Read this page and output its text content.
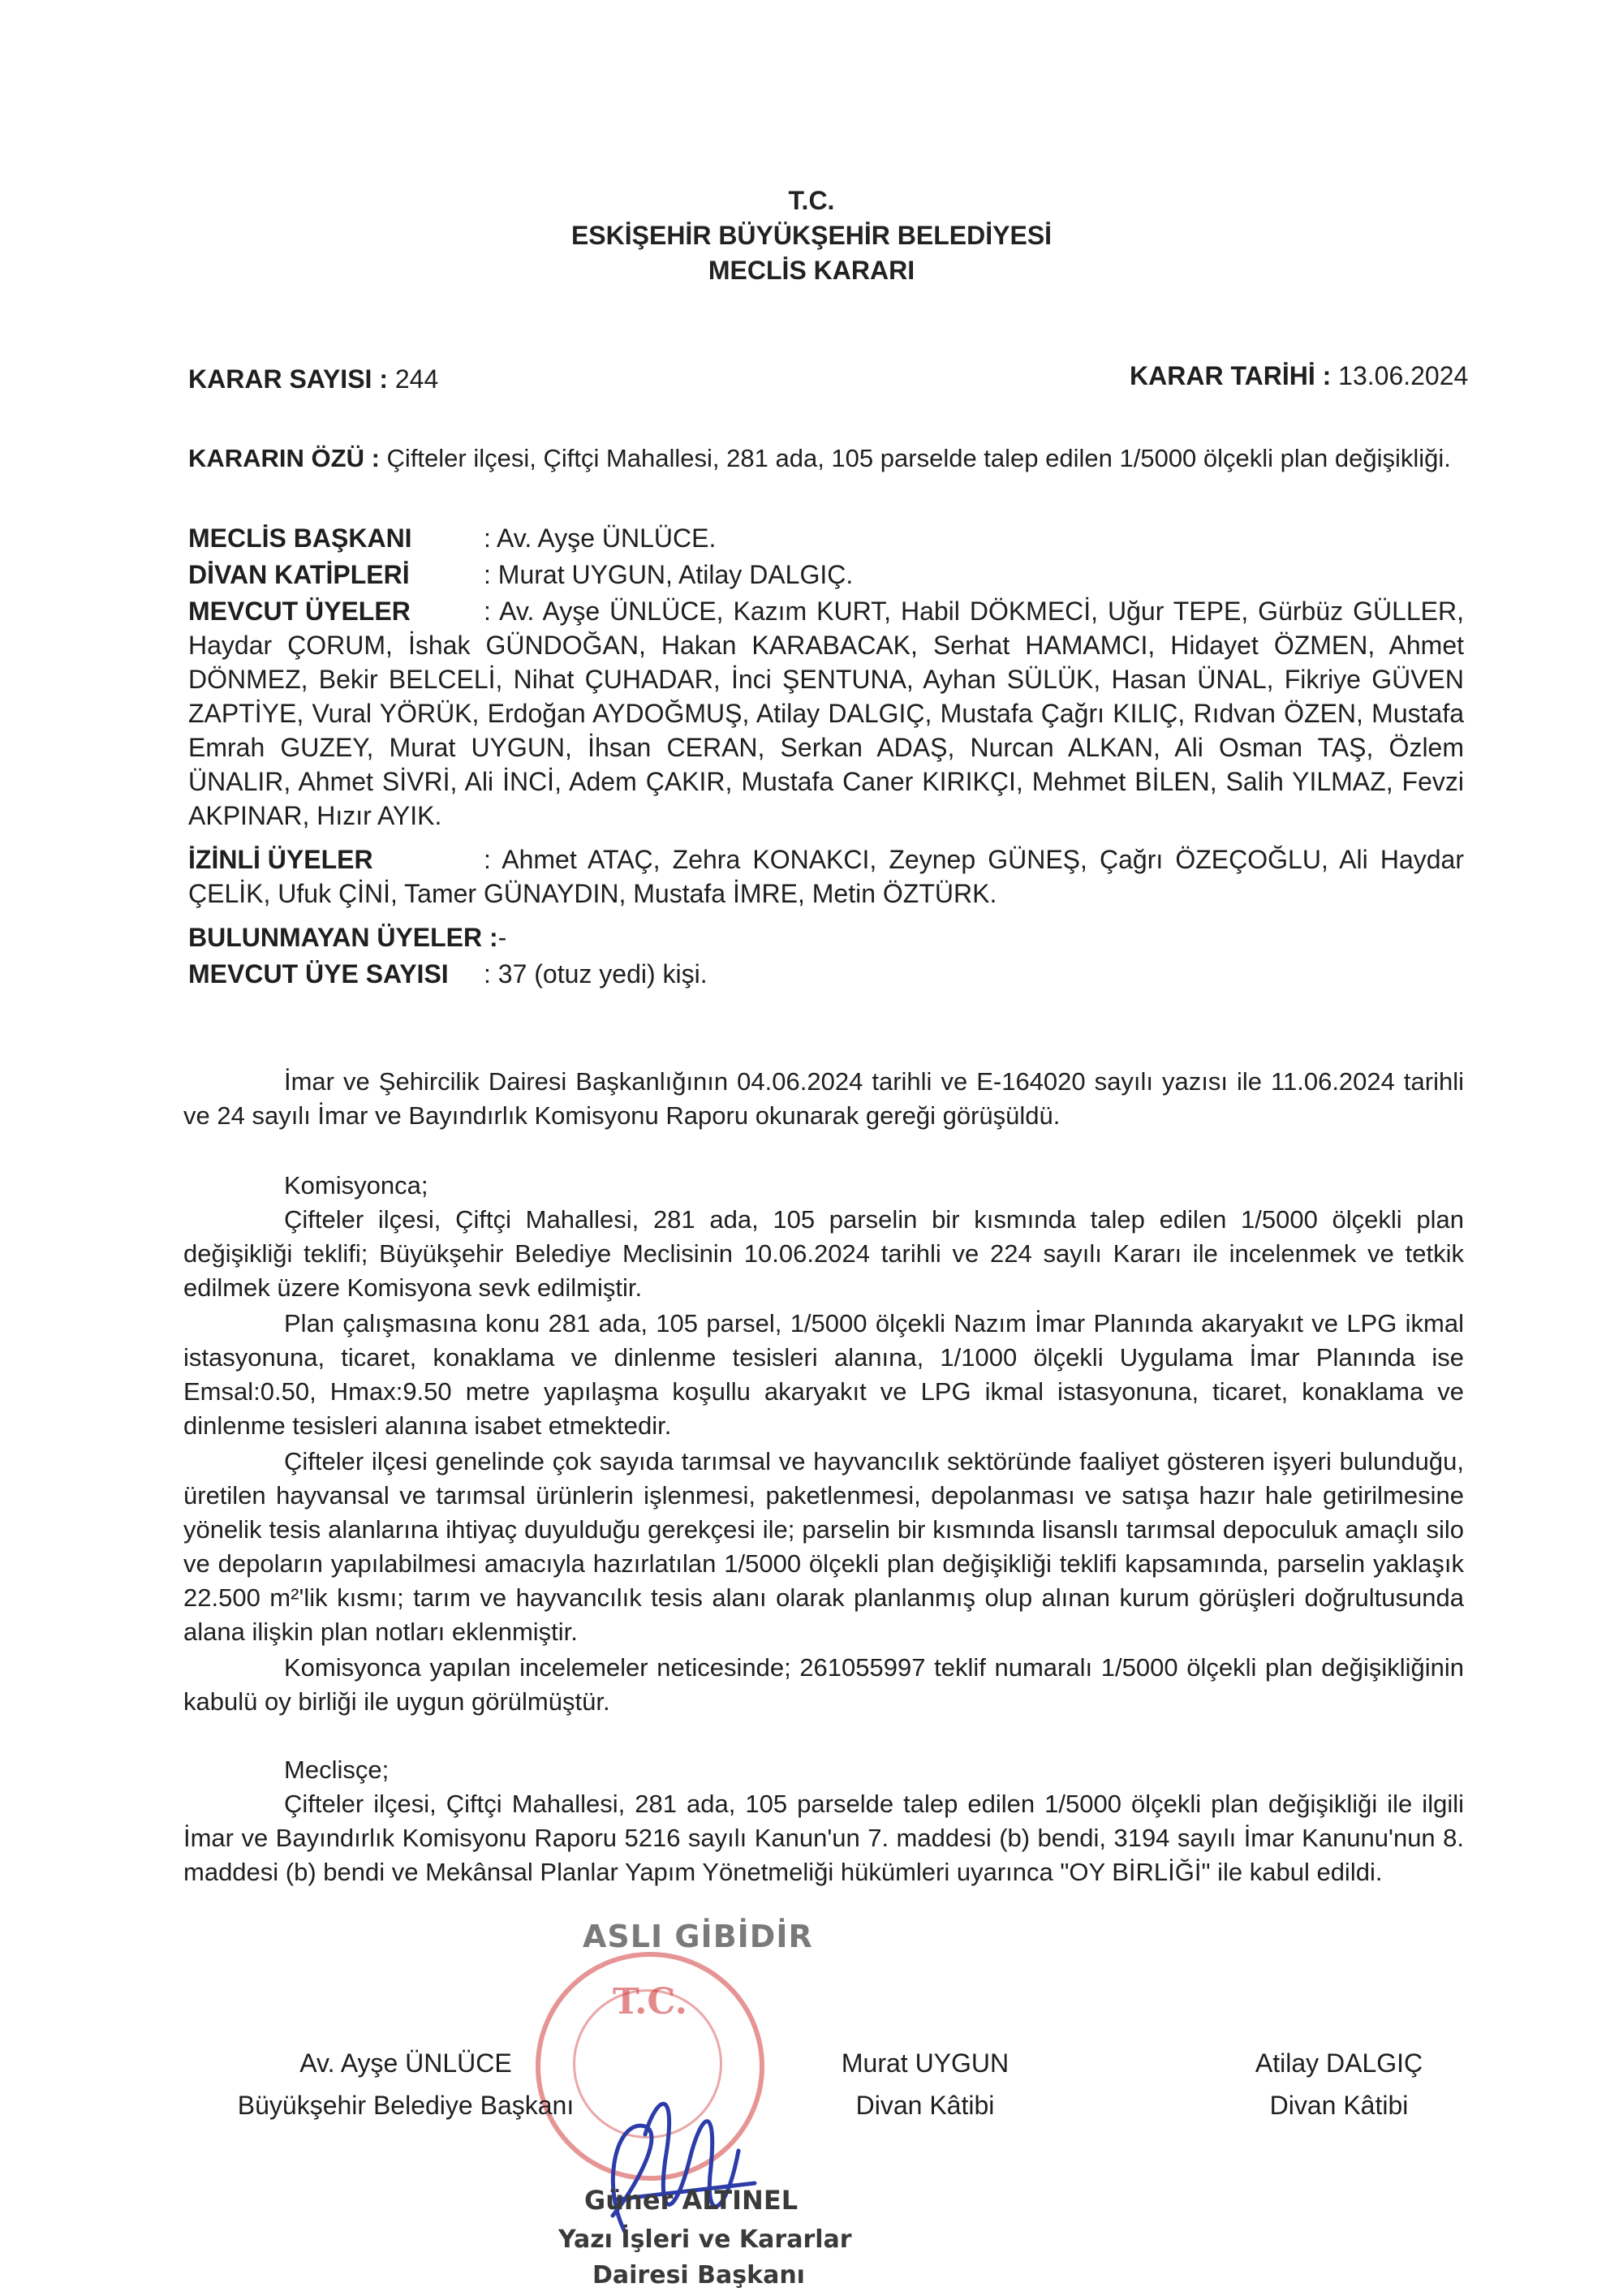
T.C.
ESKİŞEHİR BÜYÜKŞEHİR BELEDİYESİ
MECLİS KARARI
KARAR SAYISI : 244	KARAR TARİHİ : 13.06.2024
KARARIN ÖZÜ : Çifteler ilçesi, Çiftçi Mahallesi, 281 ada, 105 parselde talep edilen 1/5000 ölçekli plan değişikliği.
MECLİS BAŞKANI	: Av. Ayşe ÜNLÜCE.
DİVAN KATİPLERİ	: Murat UYGUN, Atilay DALGIÇ.
MEVCUT ÜYELER	: Av. Ayşe ÜNLÜCE, Kazım KURT, Habil DÖKMECİ, Uğur TEPE, Gürbüz GÜLLER, Haydar ÇORUM, İshak GÜNDOĞAN, Hakan KARABACAK, Serhat HAMAMCI, Hidayet ÖZMEN, Ahmet DÖNMEZ, Bekir BELCELİ, Nihat ÇUHADAR, İnci ŞENTUNA, Ayhan SÜLÜK, Hasan ÜNAL, Fikriye GÜVEN ZAPTİYE, Vural YÖRÜK, Erdoğan AYDOĞMUŞ, Atilay DALGIÇ, Mustafa Çağrı KILIÇ, Rıdvan ÖZEN, Mustafa Emrah GUZEY, Murat UYGUN, İhsan CERAN, Serkan ADAŞ, Nurcan ALKAN, Ali Osman TAŞ, Özlem ÜNALIR, Ahmet SİVRİ, Ali İNCİ, Adem ÇAKIR, Mustafa Caner KIRIKÇI, Mehmet BİLEN, Salih YILMAZ, Fevzi AKPINAR, Hızır AYIK.
İZİNLİ ÜYELER	: Ahmet ATAÇ, Zehra KONAKCI, Zeynep GÜNEŞ, Çağrı ÖZEÇOĞLU, Ali Haydar ÇELİK, Ufuk ÇİNİ, Tamer GÜNAYDIN, Mustafa İMRE, Metin ÖZTÜRK.
BULUNMAYAN ÜYELER :-
MEVCUT ÜYE SAYISI : 37 (otuz yedi) kişi.
İmar ve Şehircilik Dairesi Başkanlığının 04.06.2024 tarihli ve E-164020 sayılı yazısı ile 11.06.2024 tarihli ve 24 sayılı İmar ve Bayındırlık Komisyonu Raporu okunarak gereği görüşüldü.
Komisyonca;
Çifteler ilçesi, Çiftçi Mahallesi, 281 ada, 105 parselin bir kısmında talep edilen 1/5000 ölçekli plan değişikliği teklifi; Büyükşehir Belediye Meclisinin 10.06.2024 tarihli ve 224 sayılı Kararı ile incelenmek ve tetkik edilmek üzere Komisyona sevk edilmiştir.
Plan çalışmasına konu 281 ada, 105 parsel, 1/5000 ölçekli Nazım İmar Planında akaryakıt ve LPG ikmal istasyonuna, ticaret, konaklama ve dinlenme tesisleri alanına, 1/1000 ölçekli Uygulama İmar Planında ise Emsal:0.50, Hmax:9.50 metre yapılaşma koşullu akaryakıt ve LPG ikmal istasyonuna, ticaret, konaklama ve dinlenme tesisleri alanına isabet etmektedir.
Çifteler ilçesi genelinde çok sayıda tarımsal ve hayvancılık sektöründe faaliyet gösteren işyeri bulunduğu, üretilen hayvansal ve tarımsal ürünlerin işlenmesi, paketlenmesi, depolanması ve satışa hazır hale getirilmesine yönelik tesis alanlarına ihtiyaç duyulduğu gerekçesi ile; parselin bir kısmında lisanslı tarımsal depoculuk amaçlı silo ve depoların yapılabilmesi amacıyla hazırlatılan 1/5000 ölçekli plan değişikliği teklifi kapsamında, parselin yaklaşık 22.500 m²'lik kısmı; tarım ve hayvancılık tesis alanı olarak planlanmış olup alınan kurum görüşleri doğrultusunda alana ilişkin plan notları eklenmiştir.
Komisyonca yapılan incelemeler neticesinde; 261055997 teklif numaralı 1/5000 ölçekli plan değişikliğinin kabulü oy birliği ile uygun görülmüştür.
Meclisçe;
Çifteler ilçesi, Çiftçi Mahallesi, 281 ada, 105 parselde talep edilen 1/5000 ölçekli plan değişikliği ile ilgili İmar ve Bayındırlık Komisyonu Raporu 5216 sayılı Kanun'un 7. maddesi (b) bendi, 3194 sayılı İmar Kanunu'nun 8. maddesi (b) bendi ve Mekânsal Planlar Yapım Yönetmeliği hükümleri uyarınca "OY BİRLİĞİ" ile kabul edildi.
ASLI GİBİDİR
T.C.
Güner ALTINEL
Yazı İşleri ve Kararlar
Dairesi Başkanı
Av. Ayşe ÜNLÜCE
Büyükşehir Belediye Başkanı
Murat UYGUN
Divan Kâtibi
Atilay DALGIÇ
Divan Kâtibi
